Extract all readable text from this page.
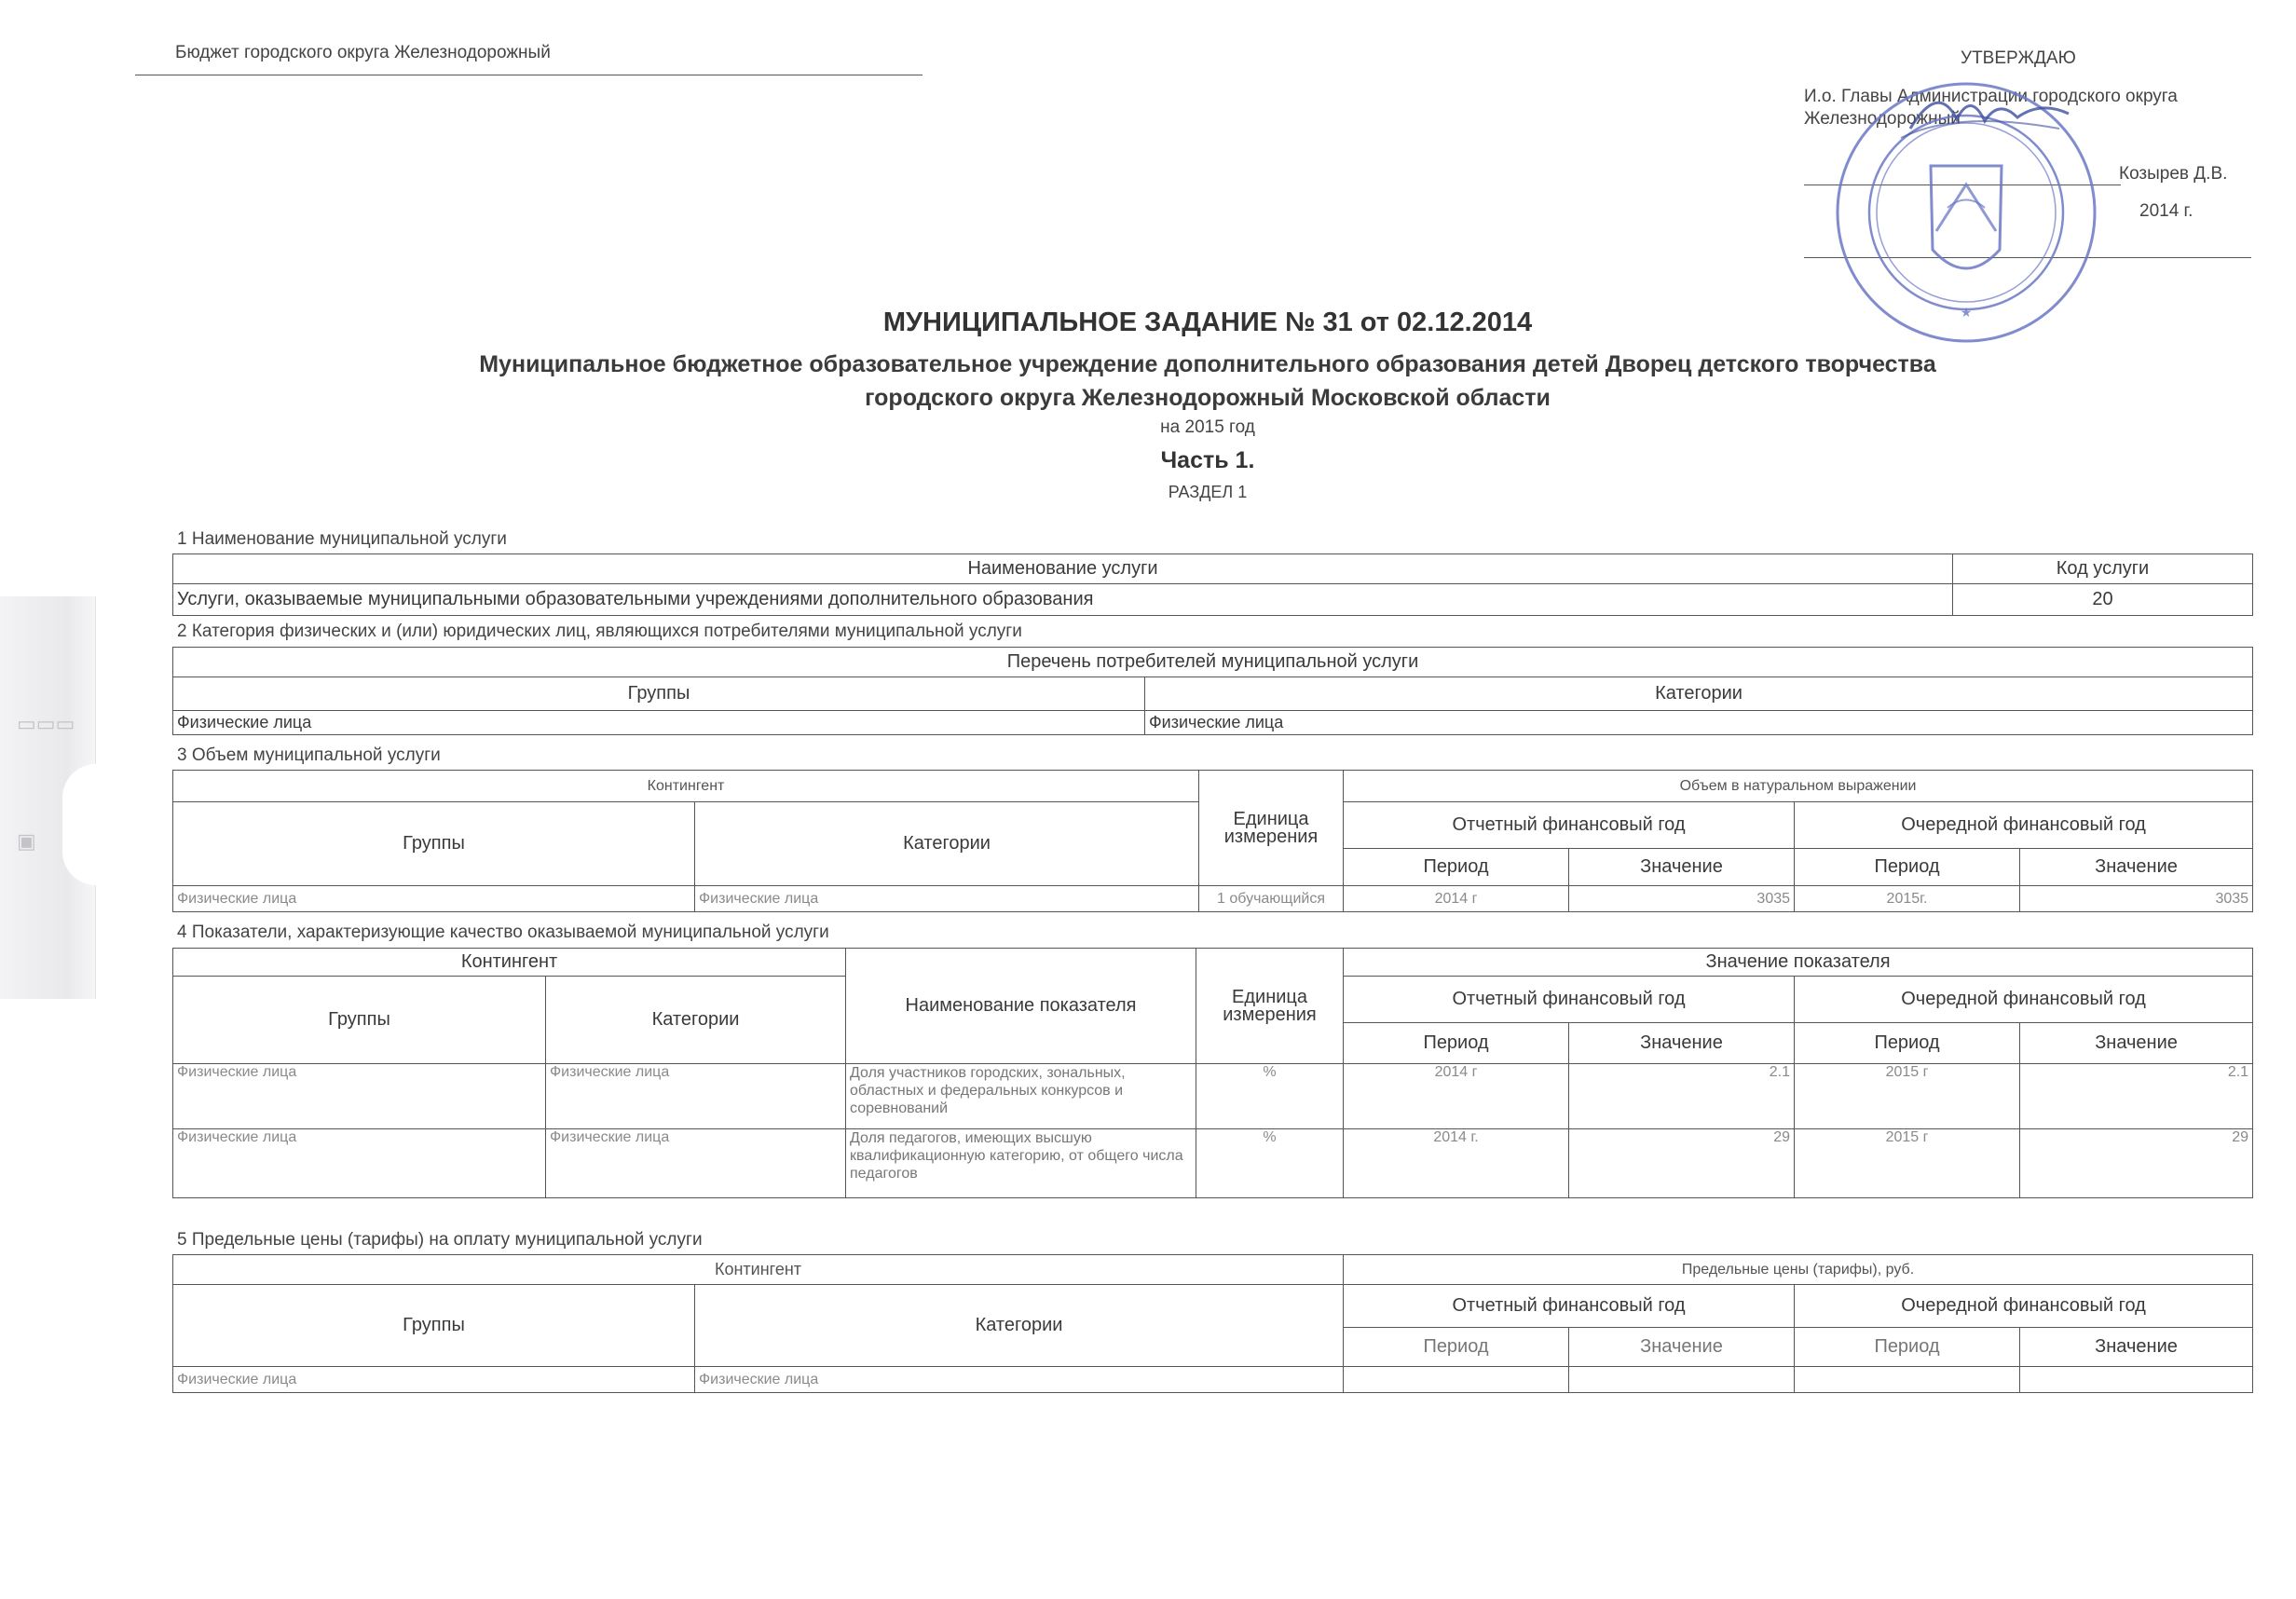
▭▭▭
▣
Бюджет городского округа Железнодорожный	УТВЕРЖДАЮ
И.о. Главы Администрации городского округа Железнодорожный
Козырев Д.В.
2014 г.
★
МУНИЦИПАЛЬНОЕ ЗАДАНИЕ № 31 от 02.12.2014
Муниципальное бюджетное образовательное учреждение дополнительного образования детей Дворец детского творчества
городского округа Железнодорожный Московской области
на 2015 год
Часть 1.
РАЗДЕЛ 1
1 Наименование муниципальной услуги
Наименование услуги	Код услуги
Услуги, оказываемые муниципальными образовательными учреждениями дополнительного образования	20
2 Категория физических и (или) юридических лиц, являющихся потребителями муниципальной услуги
Перечень потребителей муниципальной услуги	
Группы	Категории
Физические лица	Физические лица
3 Объем муниципальной услуги
Контингент		Единица измерения	Объем в натуральном выражении			
Группы	Категории		Отчетный финансовый год		Очередной финансовый год	
			Период	Значение	Период	Значение
Физические лица	Физические лица	1 обучающийся	2014 г	3035	2015г.	3035
4 Показатели, характеризующие качество оказываемой муниципальной услуги
Контингент		Наименование показателя	Единица измерения	Значение показателя			
Группы	Категории			Отчетный финансовый год		Очередной финансовый год	
				Период	Значение	Период	Значение
Физические лица	Физические лица	Доля участников городских, зональных, областных и федеральных конкурсов и соревнований	%	2014 г	2.1	2015 г	2.1
Физические лица	Физические лица	Доля педагогов, имеющих высшую квалификационную категорию, от общего числа педагогов	%	2014 г.	29	2015 г	29
5 Предельные цены (тарифы) на оплату муниципальной услуги
Контингент		Предельные цены (тарифы), руб.			
Группы	Категории	Отчетный финансовый год		Очередной финансовый год	
		Период	Значение	Период	Значение
Физические лица	Физические лица				
